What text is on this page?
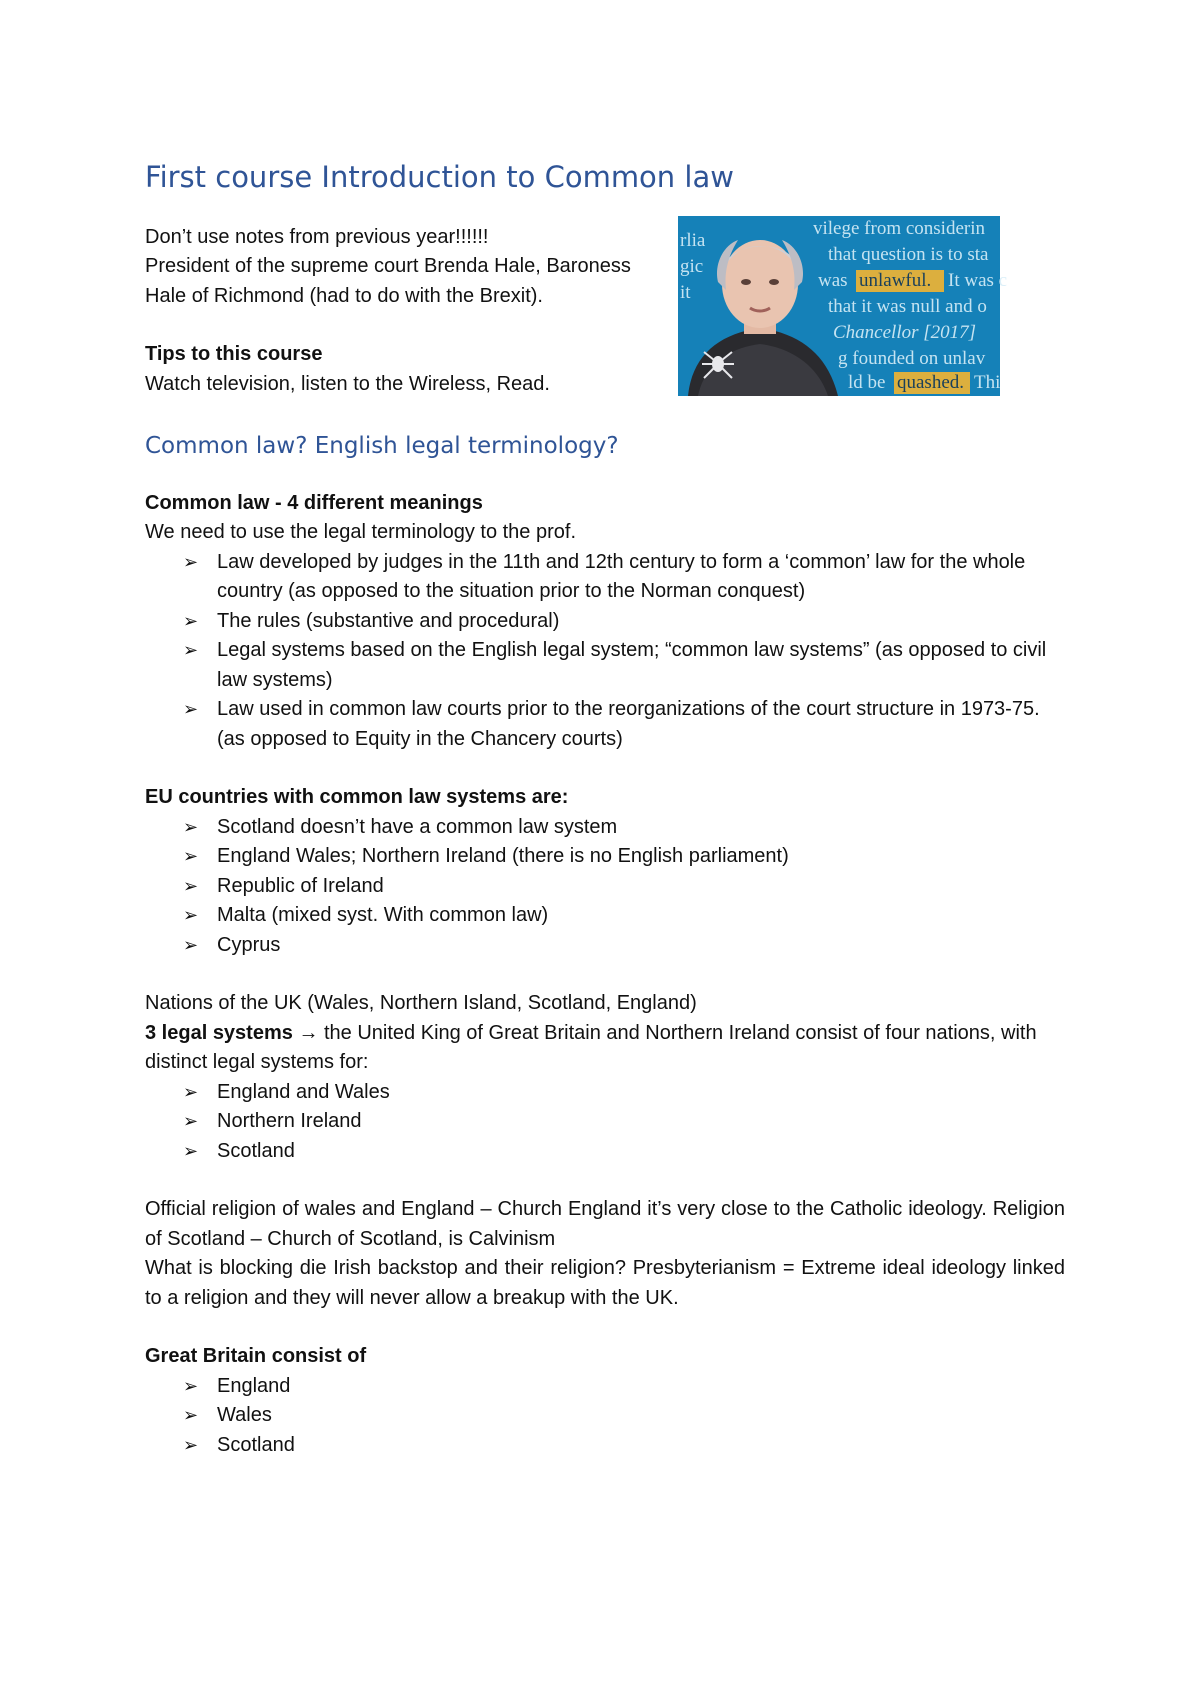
First course Introduction to Common law

Don’t use notes from previous year!!!!!!

President of the supreme court Brenda Hale, Baroness Hale of Richmond (had to do with the Brexit).

Tips to this course

Watch television, listen to the Wireless, Read.

Common law? English legal terminology?

Common law - 4 different meanings

We need to use the legal terminology to the prof.

➢ Law developed by judges in the 11th and 12th century to form a ‘common’ law for the whole country (as opposed to the situation prior to the Norman conquest)
➢ The rules (substantive and procedural)
➢ Legal systems based on the English legal system; “common law systems” (as opposed to civil law systems)
➢ Law used in common law courts prior to the reorganizations of the court structure in 1973-75. (as opposed to Equity in the Chancery courts)

EU countries with common law systems are:

➢ Scotland doesn’t have a common law system
➢ England Wales; Northern Ireland (there is no English parliament)
➢ Republic of Ireland
➢ Malta (mixed syst. With common law)
➢ Cyprus

Nations of the UK (Wales, Northern Island, Scotland, England)

3 legal systems → the United King of Great Britain and Northern Ireland consist of four nations, with distinct legal systems for:

➢ England and Wales
➢ Northern Ireland
➢ Scotland

Official religion of wales and England – Church England it’s very close to the Catholic ideology. Religion of Scotland – Church of Scotland, is Calvinism

What is blocking die Irish backstop and their religion? Presbyterianism = Extreme ideal ideology linked to a religion and they will never allow a breakup with the UK.

Great Britain consist of

➢ England
➢ Wales
➢ Scotland
vilege from considerin
that question is to sta
was unlawful. It was c
that it was null and o
Chancellor [2017]
g founded on unlav
ld be quashed. Thi
rlia
gic
it
